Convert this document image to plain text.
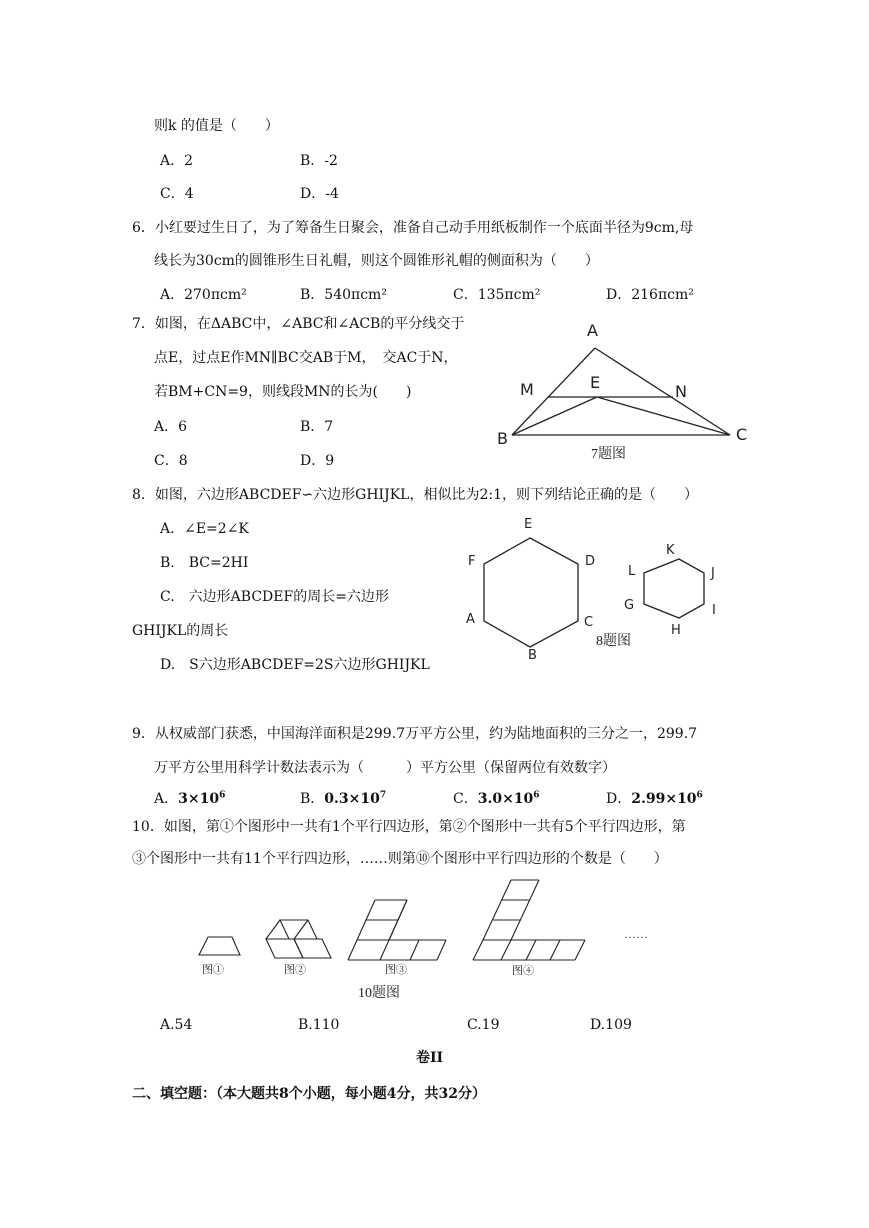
则k 的值是（　　）
A．2	B．-2
C．4	D．-4
6．小红要过生日了，为了筹备生日聚会，准备自己动手用纸板制作一个底面半径为9cm,母
线长为30cm的圆锥形生日礼帽，则这个圆锥形礼帽的侧面积为（　　）
A．270πcm²	B．540πcm²	C．135πcm²	D．216πcm²
7．如图，在ΔABC中，∠ABC和∠ACB的平分线交于
点E，过点E作MN∥BC交AB于M，　交AC于N，
若BM+CN=9，则线段MN的长为(　　)
A．6	B．7
C．8	D．9
A
M	E	N
B	C
7题图
8．如图，六边形ABCDEF∽六边形GHIJKL，相似比为2:1，则下列结论正确的是（　　）
A．∠E=2∠K
B.　BC=2HI
C.　六边形ABCDEF的周长=六边形
GHIJKL的周长
D.　S六边形ABCDEF=2S六边形GHIJKL
E
D
F
A	C
B
K
J
L
G	I
H
8题图
9．从权威部门获悉，中国海洋面积是299.7万平方公里，约为陆地面积的三分之一，299.7
万平方公里用科学计数法表示为（　　　）平方公里（保留两位有效数字）
A．$3\times 10^6$	B．$0.3\times 10^7$	C．$3.0\times 10^6$	D．$2.99\times 10^6$
10．如图，第①个图形中一共有1个平行四边形，第②个图形中一共有5个平行四边形，第
③个图形中一共有11个平行四边形，……则第⑩个图形中平行四边形的个数是（　　）
图①	图②	图③	图④
……
10题图
A.54	B.110	C.19	D.109
卷II
二、填空题：（本大题共8个小题，每小题4分，共32分）
